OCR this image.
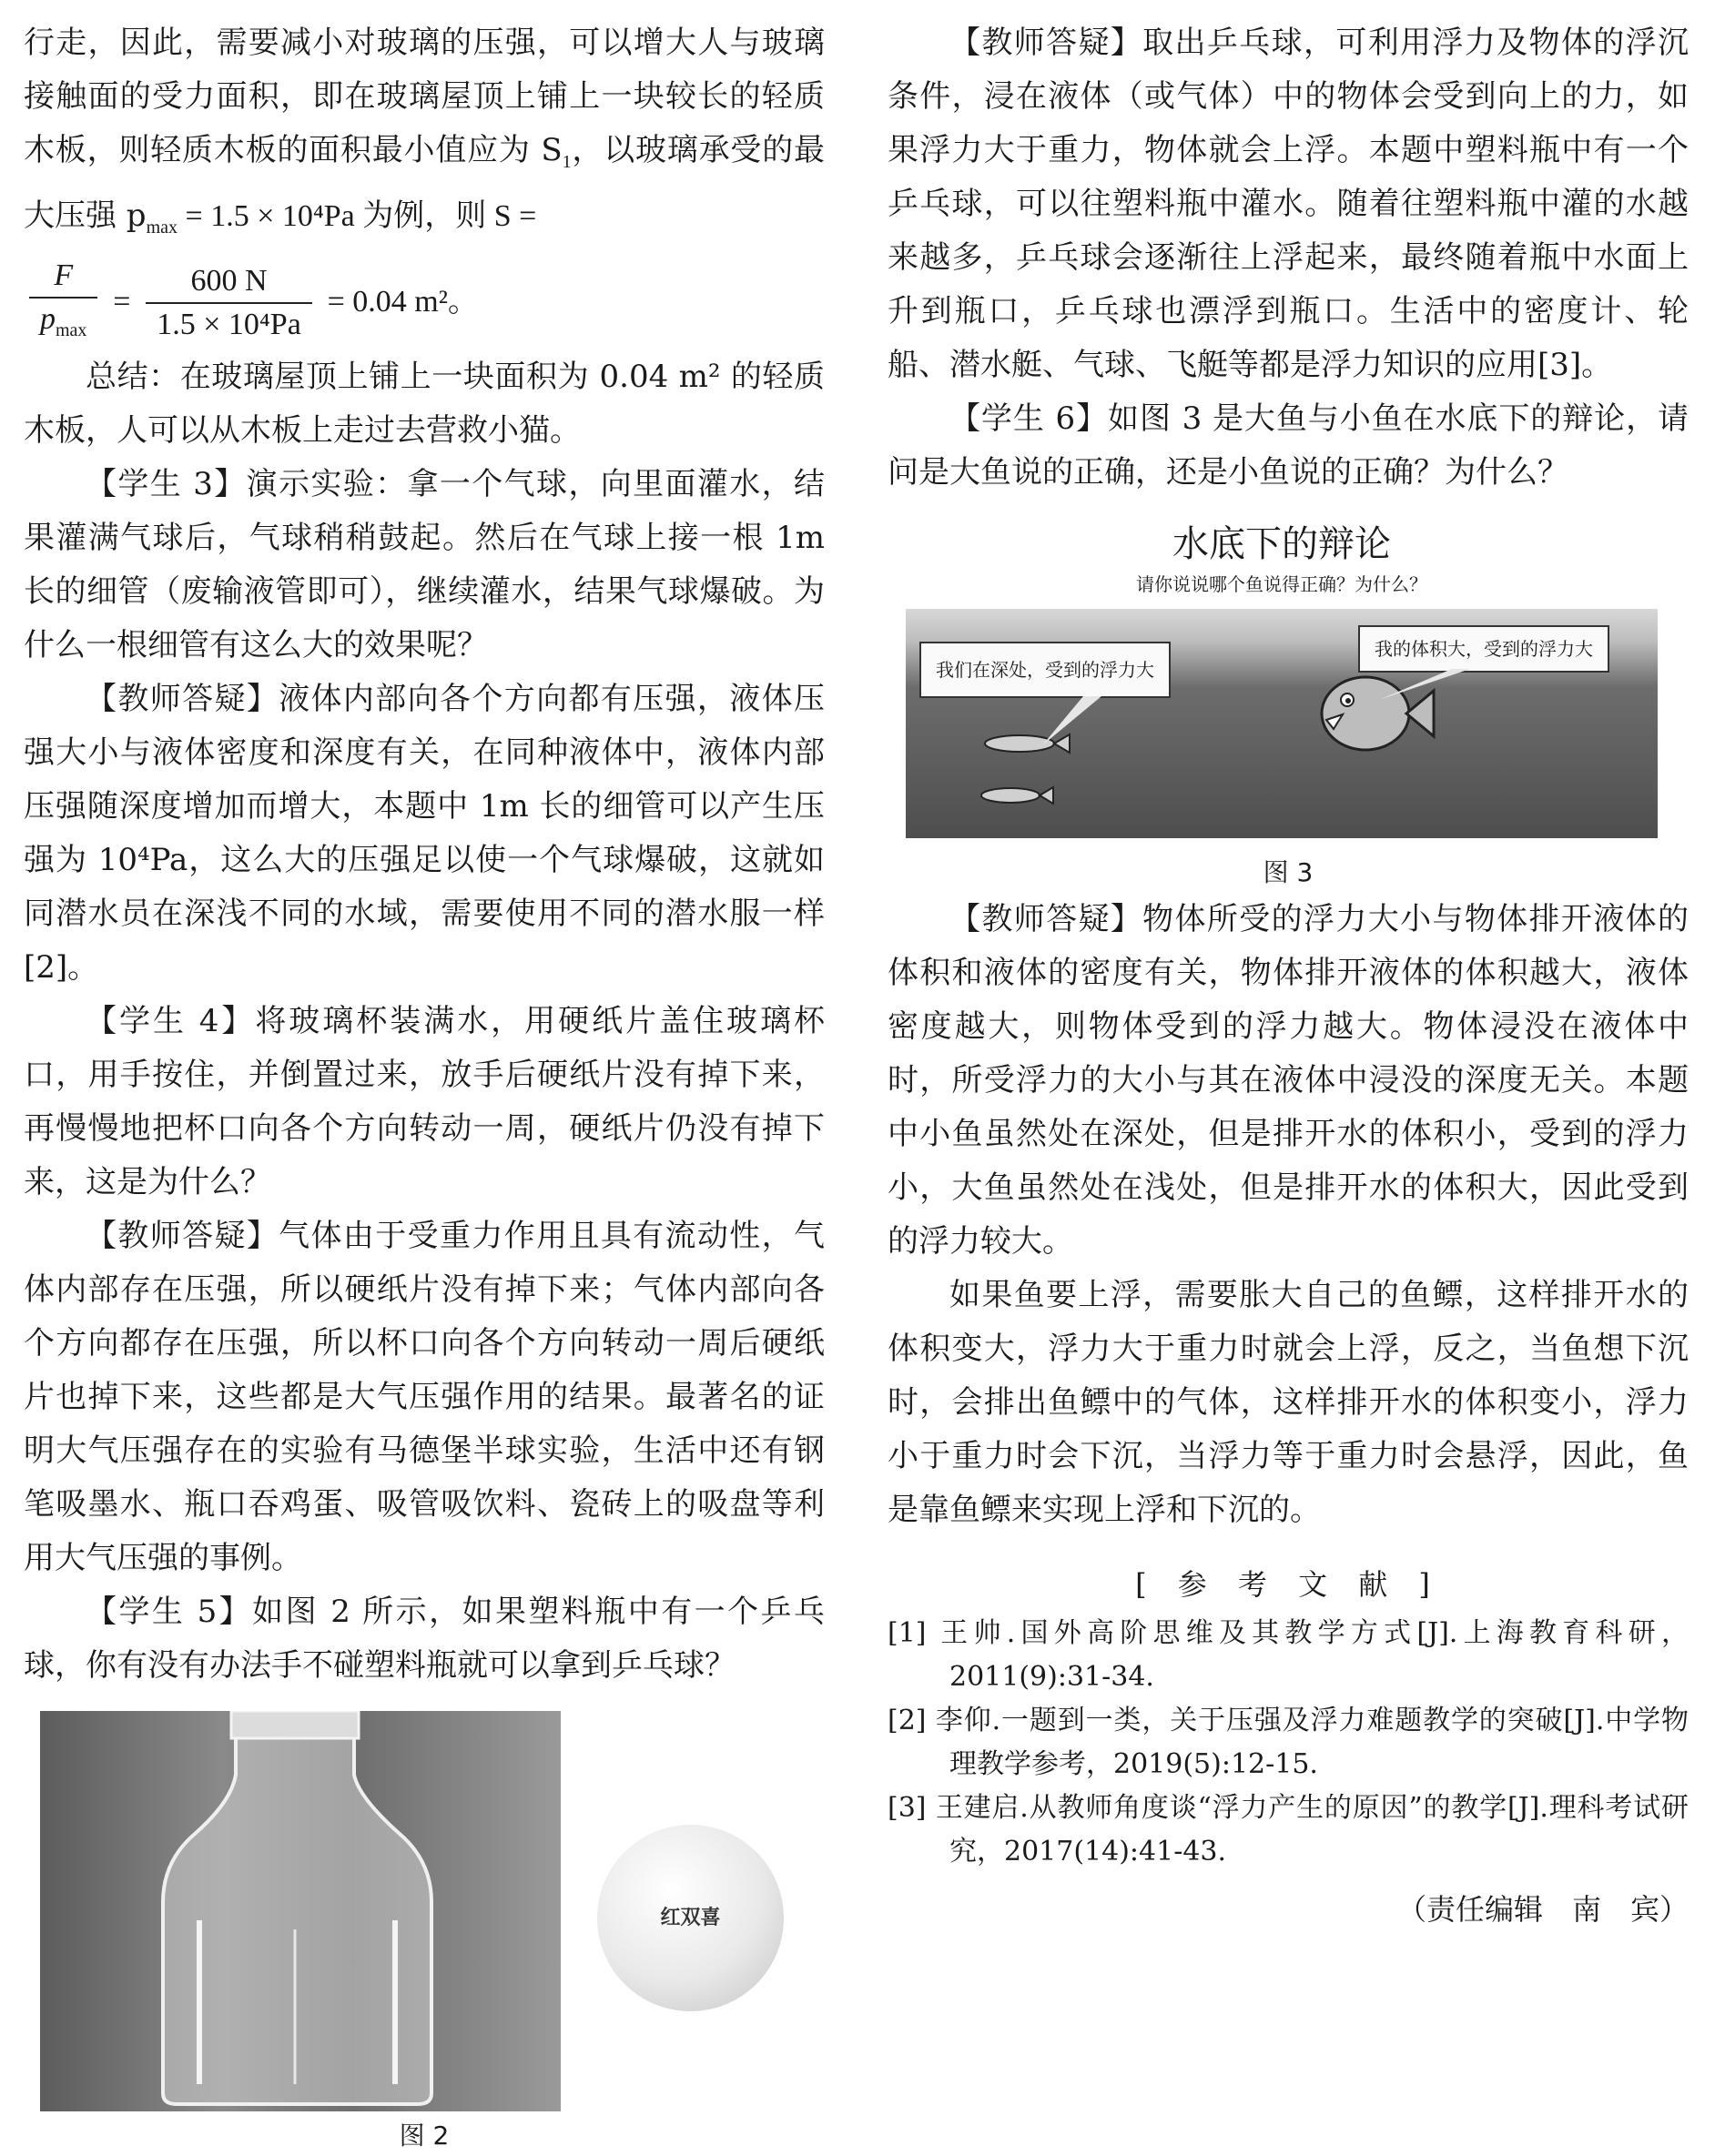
行走，因此，需要减小对玻璃的压强，可以增大人与玻璃接触面的受力面积，即在玻璃屋顶上铺上一块较长的轻质木板，则轻质木板的面积最小值应为 $S_1$，以玻璃承受的最大压强 $p_{max} = 1.5 \times 10^4Pa$ 为例，则 S =

$\frac{F}{p_{max}} = \frac{600 N}{\text{1.5 × 10⁴Pa}} = 0.04$ m²。

总结：在玻璃屋顶上铺上一块面积为 0.04 m² 的轻质木板，人可以从木板上走过去营救小猫。

【学生 3】演示实验：拿一个气球，向里面灌水，结果灌满气球后，气球稍稍鼓起。然后在气球上接一根 1m 长的细管（废输液管即可），继续灌水，结果气球爆破。为什么一根细管有这么大的效果呢？

【教师答疑】液体内部向各个方向都有压强，液体压强大小与液体密度和深度有关，在同种液体中，液体内部压强随深度增加而增大，本题中 1m 长的细管可以产生压强为 10⁴Pa，这么大的压强足以使一个气球爆破，这就如同潜水员在深浅不同的水域，需要使用不同的潜水服一样[2]。

【学生 4】将玻璃杯装满水，用硬纸片盖住玻璃杯口，用手按住，并倒置过来，放手后硬纸片没有掉下来，再慢慢地把杯口向各个方向转动一周，硬纸片仍没有掉下来，这是为什么？

【教师答疑】气体由于受重力作用且具有流动性，气体内部存在压强，所以硬纸片没有掉下来；气体内部向各个方向都存在压强，所以杯口向各个方向转动一周后硬纸片也掉下来，这些都是大气压强作用的结果。最著名的证明大气压强存在的实验有马德堡半球实验，生活中还有钢笔吸墨水、瓶口吞鸡蛋、吸管吸饮料、瓷砖上的吸盘等利用大气压强的事例。

【学生 5】如图 2 所示，如果塑料瓶中有一个乒乓球，你有没有办法手不碰塑料瓶就可以拿到乒乓球？

红双喜
图 2

【教师答疑】取出乒乓球，可利用浮力及物体的浮沉条件，浸在液体（或气体）中的物体会受到向上的力，如果浮力大于重力，物体就会上浮。本题中塑料瓶中有一个乒乓球，可以往塑料瓶中灌水。随着往塑料瓶中灌的水越来越多，乒乓球会逐渐往上浮起来，最终随着瓶中水面上升到瓶口，乒乓球也漂浮到瓶口。生活中的密度计、轮船、潜水艇、气球、飞艇等都是浮力知识的应用[3]。

【学生 6】如图 3 是大鱼与小鱼在水底下的辩论，请问是大鱼说的正确，还是小鱼说的正确？为什么？

水底下的辩论
请你说说哪个鱼说得正确？为什么？
我们在深处，受到的浮力大
我的体积大，受到的浮力大
图 3

【教师答疑】物体所受的浮力大小与物体排开液体的体积和液体的密度有关，物体排开液体的体积越大，液体密度越大，则物体受到的浮力越大。物体浸没在液体中时，所受浮力的大小与其在液体中浸没的深度无关。本题中小鱼虽然处在深处，但是排开水的体积小，受到的浮力小，大鱼虽然处在浅处，但是排开水的体积大，因此受到的浮力较大。

如果鱼要上浮，需要胀大自己的鱼鳔，这样排开水的体积变大，浮力大于重力时就会上浮，反之，当鱼想下沉时，会排出鱼鳔中的气体，这样排开水的体积变小，浮力小于重力时会下沉，当浮力等于重力时会悬浮，因此，鱼是靠鱼鳔来实现上浮和下沉的。

[ 参 考 文 献 ]

[1] 王帅.国外高阶思维及其教学方式[J].上海教育科研，2011(9):31-34.

[2] 李仰.一题到一类，关于压强及浮力难题教学的突破[J].中学物理教学参考，2019(5):12-15.

[3] 王建启.从教师角度谈“浮力产生的原因”的教学[J].理科考试研究，2017(14):41-43.

（责任编辑　南　宾）
